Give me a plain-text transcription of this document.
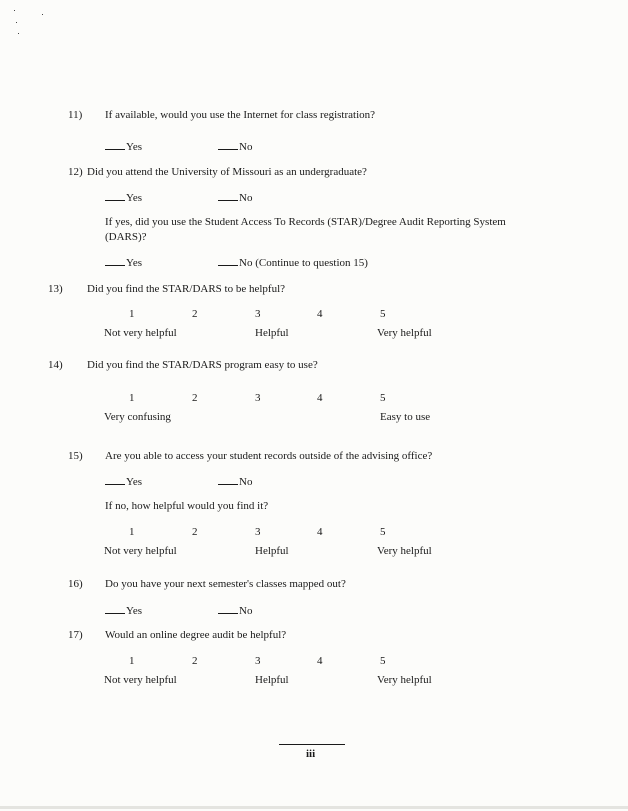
11) If available, would you use the Internet for class registration?
Yes	No
12) Did you attend the University of Missouri as an undergraduate?
Yes	No
If yes, did you use the Student Access To Records (STAR)/Degree Audit Reporting System
(DARS)?
Yes	No (Continue to question 15)
13) Did you find the STAR/DARS to be helpful?
1	2	3	4	5
Not very helpful	Helpful	Very helpful
14) Did you find the STAR/DARS program easy to use?
1	2	3	4	5
Very confusing	Easy to use
15) Are you able to access your student records outside of the advising office?
Yes	No
If no, how helpful would you find it?
1	2	3	4	5
Not very helpful	Helpful	Very helpful
16) Do you have your next semester's classes mapped out?
Yes	No
17) Would an online degree audit be helpful?
1	2	3	4	5
Not very helpful	Helpful	Very helpful
iii
